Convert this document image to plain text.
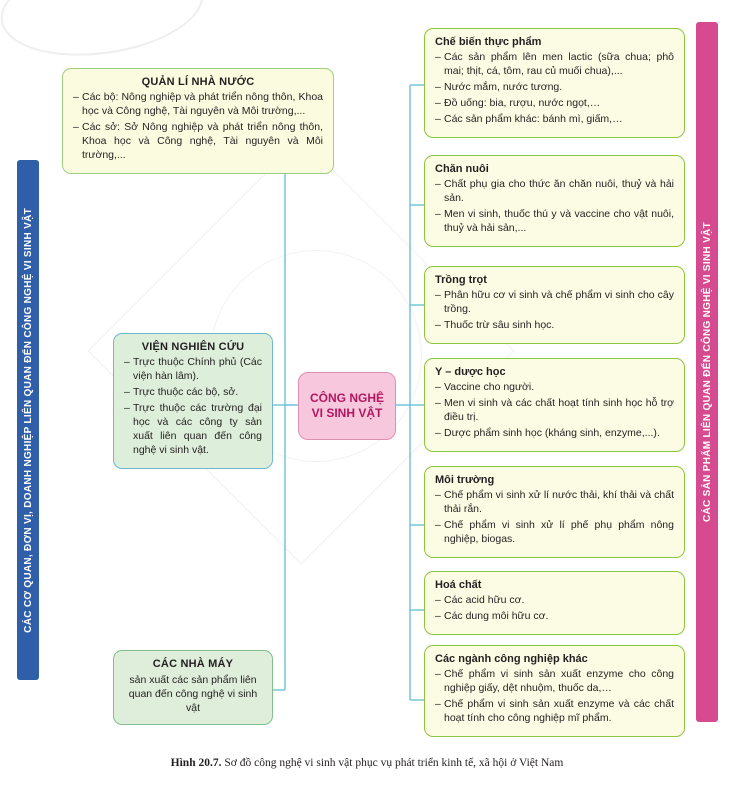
CÁC CƠ QUAN, ĐƠN VỊ, DOANH NGHIỆP LIÊN QUAN ĐẾN CÔNG NGHỆ VI SINH VẬT	CÁC SẢN PHẨM LIÊN QUAN ĐẾN CÔNG NGHỆ VI SINH VẬT
QUẢN LÍ NHÀ NƯỚC
– Các bộ: Nông nghiệp và phát triển nông thôn, Khoa học và Công nghệ, Tài nguyên và Môi trường,...
– Các sở: Sở Nông nghiệp và phát triển nông thôn, Khoa học và Công nghệ, Tài nguyên và Môi trường,...
VIỆN NGHIÊN CỨU
– Trực thuộc Chính phủ (Các viện hàn lâm).
– Trực thuộc các bộ, sở.
– Trực thuộc các trường đại học và các công ty sản xuất liên quan đến công nghệ vi sinh vật.
CÁC NHÀ MÁY

sản xuất các sản phẩm liên quan đến công nghệ vi sinh vật

CÔNG NGHỆ
VI SINH VẬT
Chế biến thực phẩm
– Các sản phẩm lên men lactic (sữa chua; phô mai; thịt, cá, tôm, rau củ muối chua),...
– Nước mắm, nước tương.
– Đồ uống: bia, rượu, nước ngọt,…
– Các sản phẩm khác: bánh mì, giấm,…
Chăn nuôi
– Chất phụ gia cho thức ăn chăn nuôi, thuỷ và hải sản.
– Men vi sinh, thuốc thú y và vaccine cho vật nuôi, thuỷ và hải sản,...
Trồng trọt
– Phân hữu cơ vi sinh và chế phẩm vi sinh cho cây trồng.
– Thuốc trừ sâu sinh học.
Y – dược học
– Vaccine cho người.
– Men vi sinh và các chất hoạt tính sinh học hỗ trợ điều trị.
– Dược phẩm sinh học (kháng sinh, enzyme,...).
Môi trường
– Chế phẩm vi sinh xử lí nước thải, khí thải và chất thải rắn.
– Chế phẩm vi sinh xử lí phế phụ phẩm nông nghiệp, biogas.
Hoá chất
– Các acid hữu cơ.
– Các dung môi hữu cơ.
Các ngành công nghiệp khác
– Chế phẩm vi sinh sản xuất enzyme cho công nghiệp giấy, dệt nhuộm, thuốc da,…
– Chế phẩm vi sinh sản xuất enzyme và các chất hoạt tính cho công nghiệp mĩ phẩm.
Hình 20.7. Sơ đồ công nghệ vi sinh vật phục vụ phát triển kinh tế, xã hội ở Việt Nam
